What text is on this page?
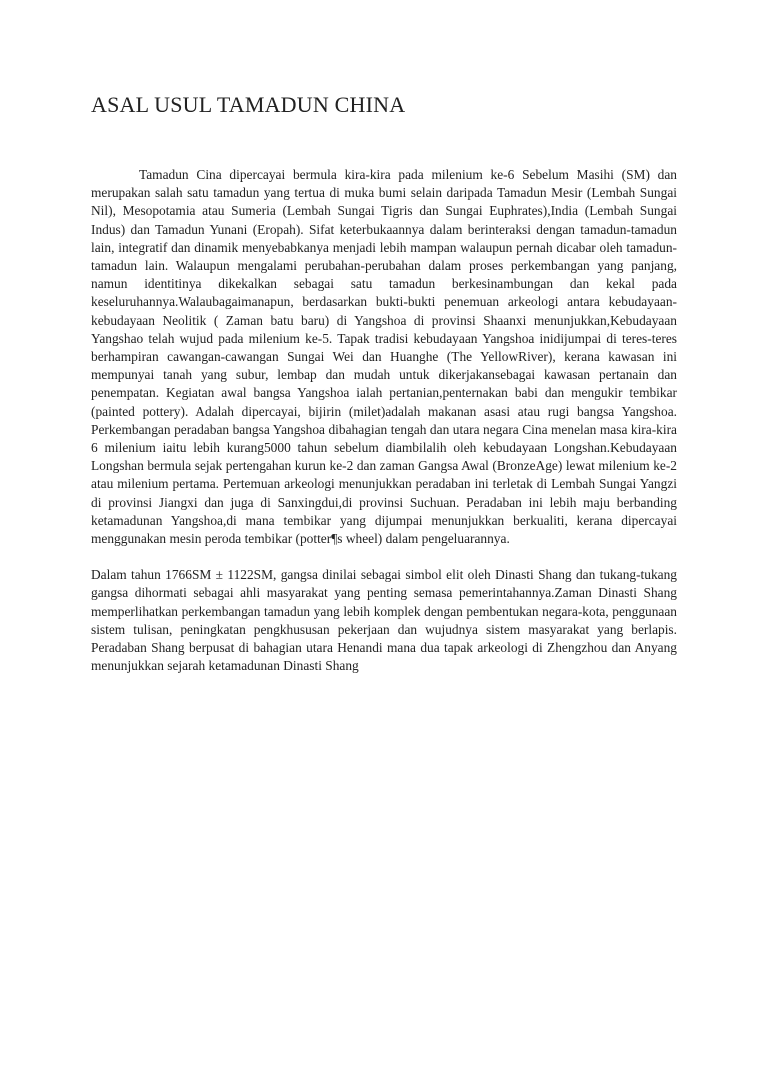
ASAL USUL TAMADUN CHINA

Tamadun Cina dipercayai bermula kira-kira pada milenium ke-6 Sebelum Masihi (SM) dan merupakan salah satu tamadun yang tertua di muka bumi selain daripada Tamadun Mesir (Lembah Sungai Nil), Mesopotamia atau Sumeria (Lembah Sungai Tigris dan Sungai Euphrates),India (Lembah Sungai Indus) dan Tamadun Yunani (Eropah). Sifat keterbukaannya dalam berinteraksi dengan tamadun-tamadun lain, integratif dan dinamik menyebabkanya menjadi lebih mampan walaupun pernah dicabar oleh tamadun-tamadun lain. Walaupun mengalami perubahan-perubahan dalam proses perkembangan yang panjang, namun identitinya dikekalkan sebagai satu tamadun berkesinambungan dan kekal pada keseluruhannya.Walaubagaimanapun, berdasarkan bukti-bukti penemuan arkeologi antara kebudayaan-kebudayaan Neolitik ( Zaman batu baru) di Yangshoa di provinsi Shaanxi menunjukkan,Kebudayaan Yangshao telah wujud pada milenium ke-5. Tapak tradisi kebudayaan Yangshoa inidijumpai di teres-teres berhampiran cawangan-cawangan Sungai Wei dan Huanghe (The YellowRiver), kerana kawasan ini mempunyai tanah yang subur, lembap dan mudah untuk dikerjakansebagai kawasan pertanain dan penempatan. Kegiatan awal bangsa Yangshoa ialah pertanian,penternakan babi dan mengukir tembikar (painted pottery). Adalah dipercayai, bijirin (milet)adalah makanan asasi atau rugi bangsa Yangshoa. Perkembangan peradaban bangsa Yangshoa dibahagian tengah dan utara negara Cina menelan masa kira-kira 6 milenium iaitu lebih kurang5000 tahun sebelum diambilalih oleh kebudayaan Longshan.Kebudayaan Longshan bermula sejak pertengahan kurun ke-2 dan zaman Gangsa Awal (BronzeAge) lewat milenium ke-2 atau milenium pertama. Pertemuan arkeologi menunjukkan peradaban ini terletak di Lembah Sungai Yangzi di provinsi Jiangxi dan juga di Sanxingdui,di provinsi Suchuan. Peradaban ini lebih maju berbanding ketamadunan Yangshoa,di mana tembikar yang dijumpai menunjukkan berkualiti, kerana dipercayai menggunakan mesin peroda tembikar (potter¶s wheel) dalam pengeluarannya.

Dalam tahun 1766SM ± 1122SM, gangsa dinilai sebagai simbol elit oleh Dinasti Shang dan tukang-tukang gangsa dihormati sebagai ahli masyarakat yang penting semasa pemerintahannya.Zaman Dinasti Shang memperlihatkan perkembangan tamadun yang lebih komplek dengan pembentukan negara-kota, penggunaan sistem tulisan, peningkatan pengkhususan pekerjaan dan wujudnya sistem masyarakat yang berlapis. Peradaban Shang berpusat di bahagian utara Henandi mana dua tapak arkeologi di Zhengzhou dan Anyang menunjukkan sejarah ketamadunan Dinasti Shang
